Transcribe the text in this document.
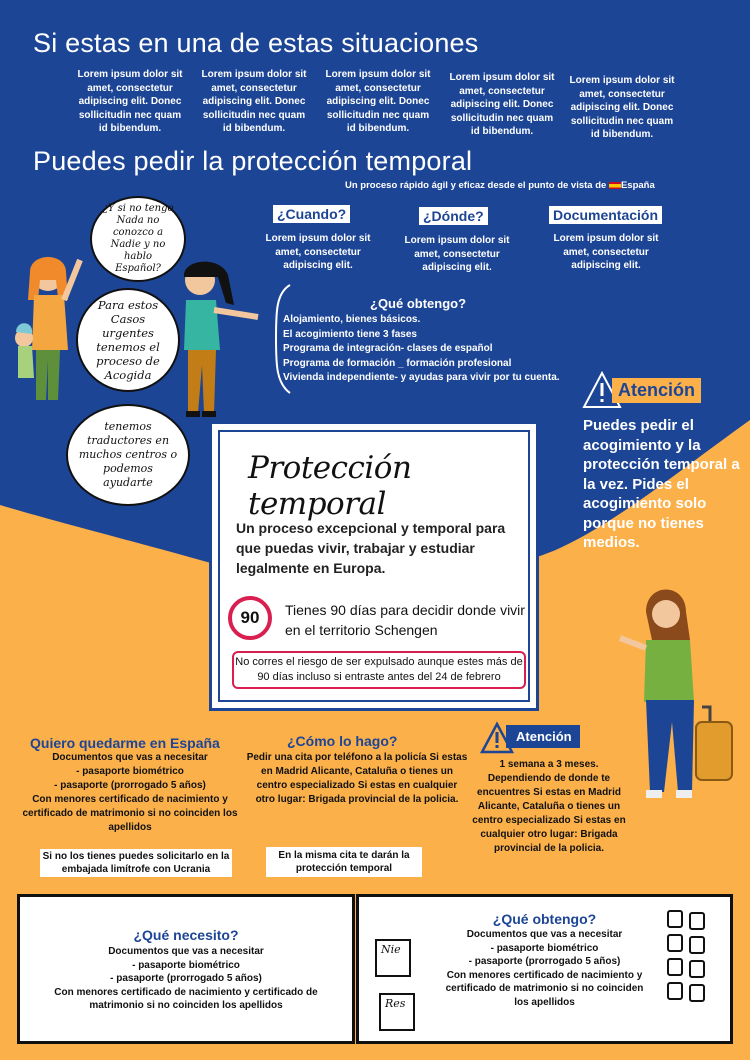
Si estas en una de estas situaciones
Lorem ipsum dolor sit amet, consectetur adipiscing elit. Donec sollicitudin nec quam id bibendum.
Lorem ipsum dolor sit amet, consectetur adipiscing elit. Donec sollicitudin nec quam id bibendum.
Lorem ipsum dolor sit amet, consectetur adipiscing elit. Donec sollicitudin nec quam id bibendum.
Lorem ipsum dolor sit amet, consectetur adipiscing elit. Donec sollicitudin nec quam id bibendum.
Lorem ipsum dolor sit amet, consectetur adipiscing elit. Donec sollicitudin nec quam id bibendum.
Puedes pedir la protección temporal
Un proceso rápido ágil y eficaz desde el punto de vista de España
¿Cuando?
Lorem ipsum dolor sit amet, consectetur adipiscing elit.
¿Dónde?
Lorem ipsum dolor sit amet, consectetur adipiscing elit.
Documentación
Lorem ipsum dolor sit amet, consectetur adipiscing elit.
¿Qué obtengo?
Alojamiento, bienes básicos.
El acogimiento tiene 3 fases
Programa de integración- clases de español
Programa de formación _ formación profesional
Vivienda independiente- y ayudas para vivir por tu cuenta.
¿Y si no tengo Nada no conozco a Nadie y no hablo Español?
Para estos Casos urgentes tenemos el proceso de Acogida
tenemos traductores en muchos centros o podemos ayudarte
Atención
Puedes pedir el acogimiento y la protección temporal a la vez. Pides el acogimiento solo porque no tienes medios.
Protección temporal
Un proceso excepcional y temporal para que puedas vivir, trabajar y estudiar legalmente en Europa.
90	Tienes 90 días para decidir donde vivir en el territorio Schengen
No corres el riesgo de ser expulsado aunque estes más de 90 días incluso si entraste antes del 24 de febrero
Quiero quedarme en España
Documentos que vas a necesitar
- pasaporte biométrico
- pasaporte (prorrogado 5 años)
Con menores certificado de nacimiento y certificado de matrimonio si no coinciden los apellidos
Si no los tienes puedes solicitarlo en la embajada limítrofe con Ucrania
¿Cómo lo hago?
Pedir una cita por teléfono a la policía Si estas en Madrid Alicante, Cataluña o tienes un centro especializado Si estas en cualquier otro lugar: Brigada provincial de la policia.
En la misma cita te darán la protección temporal
Atención
1 semana a 3 meses. Dependiendo de donde te encuentres Si estas en Madrid Alicante, Cataluña o tienes un centro especializado Si estas en cualquier otro lugar: Brigada provincial de la policia.
¿Qué necesito?
Documentos que vas a necesitar
- pasaporte biométrico
- pasaporte (prorrogado 5 años)
Con menores certificado de nacimiento y certificado de matrimonio si no coinciden los apellidos
¿Qué obtengo?
Documentos que vas a necesitar
- pasaporte biométrico
- pasaporte (prorrogado 5 años)
Con menores certificado de nacimiento y certificado de matrimonio si no coinciden los apellidos
Nie
Res
